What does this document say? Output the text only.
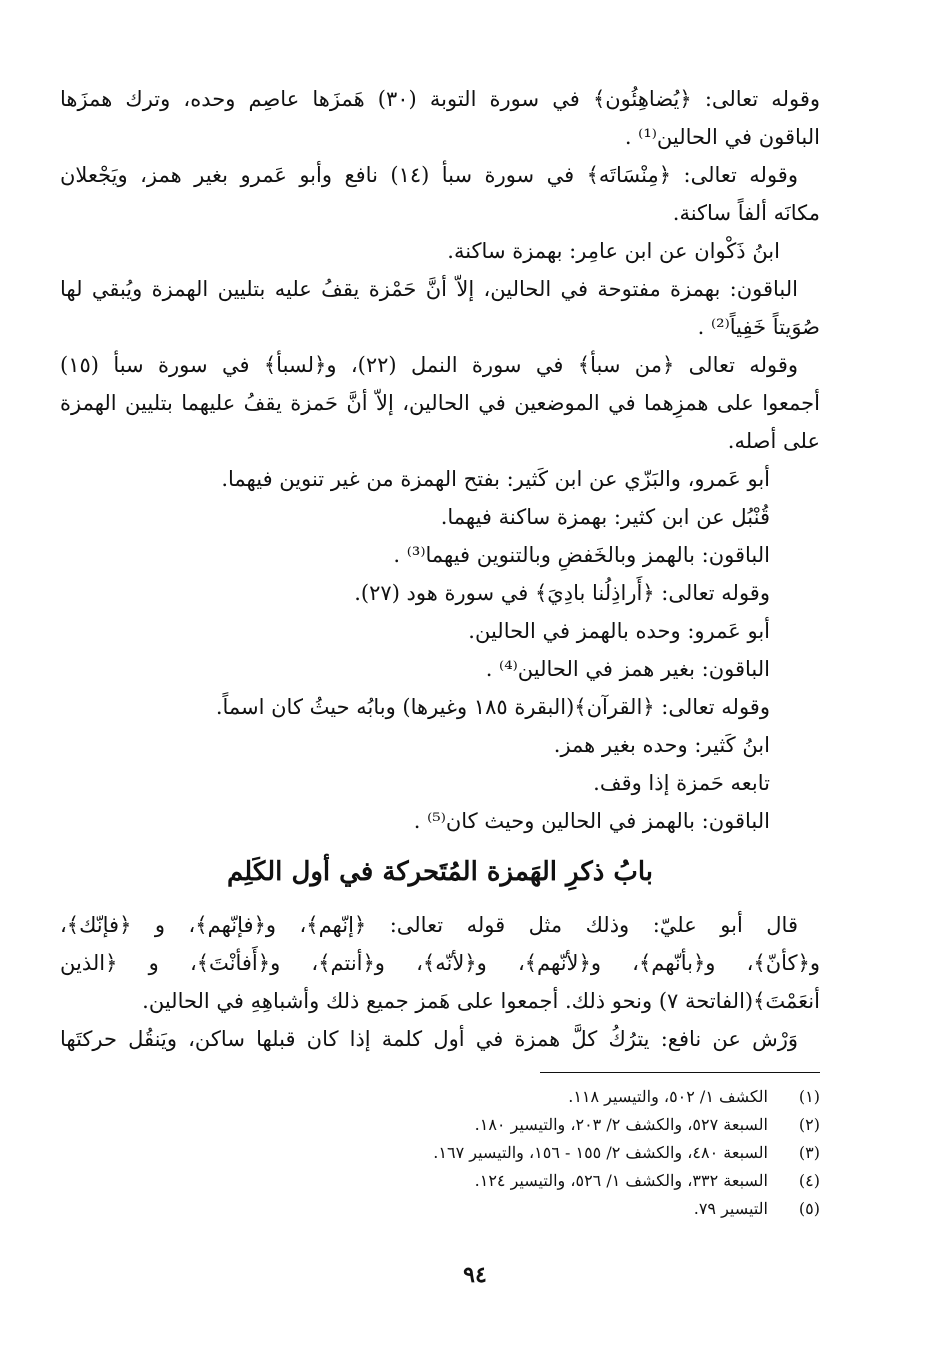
وقوله تعالى: ﴿يُضاهِئُون﴾ في سورة التوبة (٣٠) هَمزَها عاصِم وحده، وترك همزَها
الباقون في الحالين⁽¹⁾ .
وقوله تعالى: ﴿مِنْسَاتَه﴾ في سورة سبأ (١٤) نافع وأبو عَمرو بغير همز، ويَجْعلان
مكانَه ألفاً ساكنة.
ابنُ ذَكْوان عن ابن عامِر: بهمزة ساكنة.
الباقون: بهمزة مفتوحة في الحالين، إلاّ أنَّ حَمْزة يقفُ عليه بتليين الهمزة ويُبقي لها
صُوَيتاً خَفِياً⁽²⁾ .
وقوله تعالى ﴿من سبأ﴾ في سورة النمل (٢٢)، و﴿لسبأ﴾ في سورة سبأ (١٥)
أجمعوا على همزِهما في الموضعين في الحالين، إلاّ أنَّ حَمزة يقفُ عليهما بتليين الهمزة
على أصله.
أبو عَمرو، والبَزّي عن ابن كَثير: بفتح الهمزة من غير تنوين فيهما.
قُنْبُل عن ابن كثير: بهمزة ساكنة فيهما.
الباقون: بالهمز وبالخَفضِ وبالتنوين فيهما⁽³⁾ .
وقوله تعالى: ﴿أَراذِلُنا بادِيَ﴾ في سورة هود (٢٧).
أبو عَمرو: وحده بالهمز في الحالين.
الباقون: بغير همز في الحالين⁽⁴⁾ .
وقوله تعالى: ﴿القرآن﴾(البقرة ١٨٥ وغيرها) وبابُه حيثُ كان اسماً.
ابنُ كَثير: وحده بغير همز.
تابعه حَمزة إذا وقف.
الباقون: بالهمز في الحالين وحيث كان⁽⁵⁾ .
بابُ ذكرِ الهَمزة المُتَحركة في أول الكَلِم
قال أبو عليّ: وذلك مثل قوله تعالى: ﴿إنّهم﴾، و﴿فإنّهم﴾، و ﴿فإنّك﴾،
و﴿كأنّ﴾، و﴿بأنّهم﴾، و﴿لأنّهم﴾، و﴿لأنّه﴾، و﴿أنتم﴾، و﴿أَفأنْتَ﴾، و ﴿الذين
أنعَمْتَ﴾(الفاتحة ٧) ونحو ذلك. أجمعوا على هَمز جميع ذلك وأشباهِهِ في الحالين.
وَرْش عن نافع: يترُكُ كلَّ همزة في أول كلمة إذا كان قبلها ساكن، ويَنقُل حركتَها
(١)
الكشف ١/ ٥٠٢، والتيسير ١١٨.
(٢)
السبعة ٥٢٧، والكشف ٢/ ٢٠٣، والتيسير ١٨٠.
(٣)
السبعة ٤٨٠، والكشف ٢/ ١٥٥ - ١٥٦، والتيسير ١٦٧.
(٤)
السبعة ٣٣٢، والكشف ١/ ٥٢٦، والتيسير ١٢٤.
(٥)
التيسير ٧٩.
٩٤
